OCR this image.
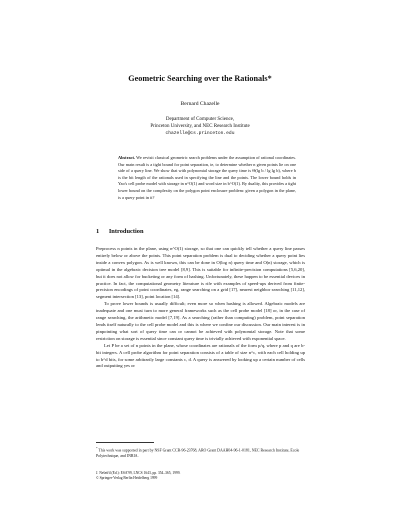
Geometric Searching over the Rationals*
Bernard Chazelle
Department of Computer Science,
Princeton University, and NEC Research Institute
chazelle@cs.princeton.edu
Abstract. We revisit classical geometric search problems under the assumption of rational coordinates. Our main result is a tight bound for point separation, ie, to determine whether n given points lie on one side of a query line. We show that with polynomial storage the query time is Θ(lg b / lg lg b), where b is the bit length of the rationals used in specifying the line and the points. The lower bound holds in Yao's cell probe model with storage in n^O(1) and word size in b^O(1). By duality, this provides a tight lower bound on the complexity on the polygon point enclosure problem: given a polygon in the plane, is a query point in it?
1 Introduction

Preprocess n points in the plane, using n^O(1) storage, so that one can quickly tell whether a query line passes entirely below or above the points. This point separation problem is dual to deciding whether a query point lies inside a convex polygon. As is well known, this can be done in O(log n) query time and O(n) storage, which is optimal in the algebraic decision tree model [8,9]. This is suitable for infinite-precision computations [5,6,20], but it does not allow for bucketing or any form of hashing. Unfortunately, these happen to be essential devices in practice. In fact, the computational geometry literature is rife with examples of speed-ups derived from finite-precision encodings of point coordinates, eg, range searching on a grid [17], nearest neighbor searching [11,12], segment intersection [13], point location [14].

To prove lower bounds is usually difficult; even more so when hashing is allowed. Algebraic models are inadequate and one must turn to more general frameworks such as the cell probe model [18] or, in the case of range searching, the arithmetic model [7,19]. As a searching (rather than computing) problem, point separation lends itself naturally to the cell probe model and this is where we confine our discussion. Our main interest is in pinpointing what sort of query time can or cannot be achieved with polynomial storage. Note that some restriction on storage is essential since constant query time is trivially achieved with exponential space.

Let P be a set of n points in the plane, whose coordinates are rationals of the form p/q, where p and q are b-bit integers. A cell probe algorithm for point separation consists of a table of size n^c, with each cell holding up to b^d bits, for some arbitrarily large constants c, d. A query is answered by looking up a certain number of cells and outputting yes or

* This work was supported in part by NSF Grant CCR-96-23768, ARO Grant DAAH04-96-1-0181, NEC Research Institute, Ecole Polytechnique, and INRIA.
J. Nešetřil (Ed.): ESA'99, LNCS 1643, pp. 354–365, 1999.
© Springer-Verlag Berlin Heidelberg 1999
